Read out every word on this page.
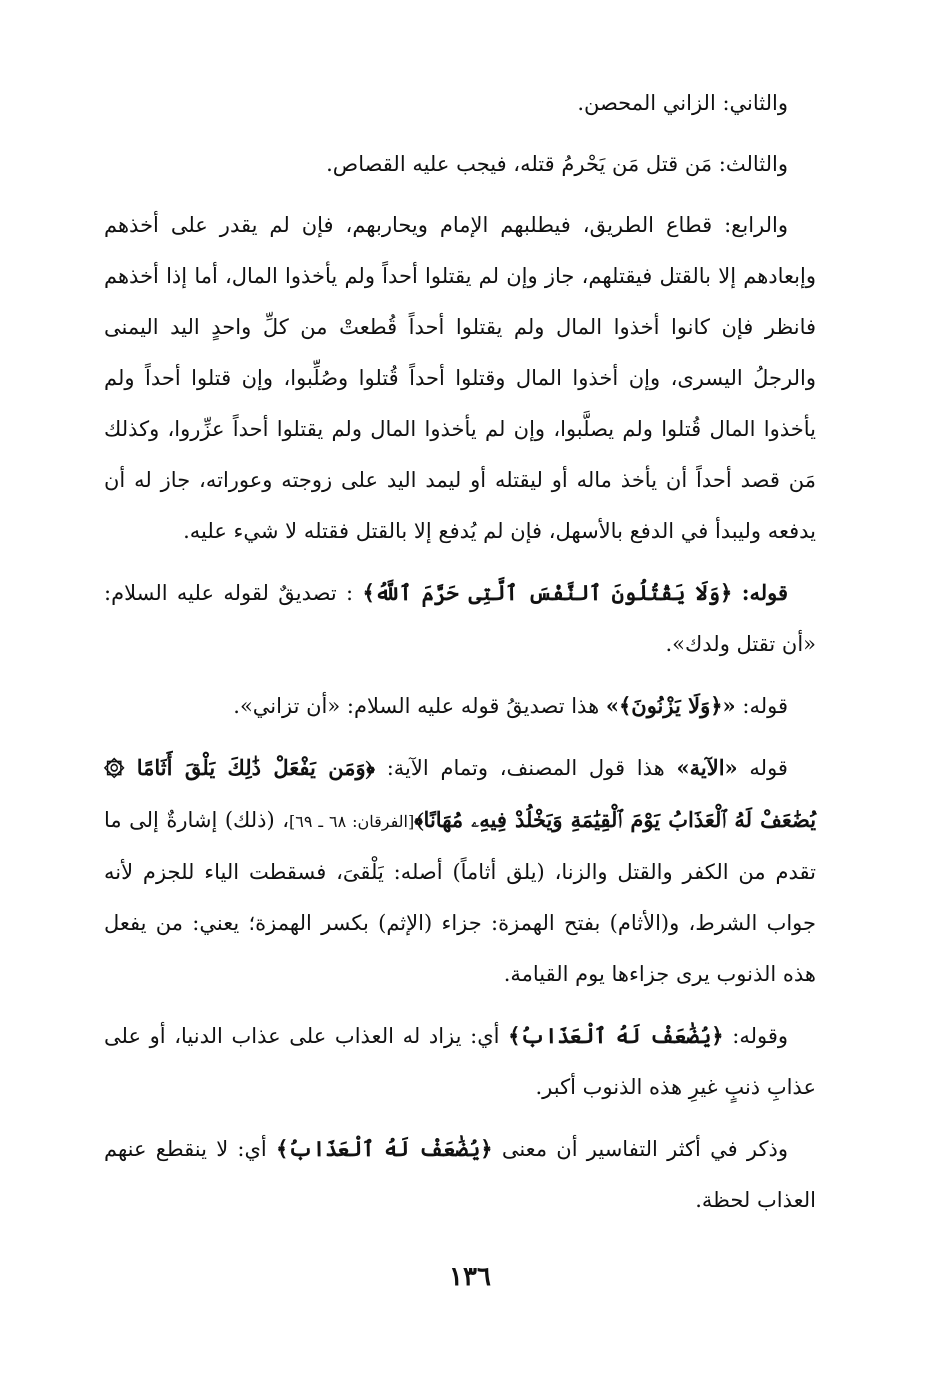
والثاني: الزاني المحصن.

والثالث: مَن قتل مَن يَحْرمُ قتله، فيجب عليه القصاص.

والرابع: قطاع الطريق، فيطلبهم الإمام ويحاربهم، فإن لم يقدر على أخذهم وإبعادهم إلا بالقتل فيقتلهم، جاز وإن لم يقتلوا أحداً ولم يأخذوا المال، أما إذا أخذهم فانظر فإن كانوا أخذوا المال ولم يقتلوا أحداً قُطعتْ من كلِّ واحدٍ اليد اليمنى والرجلُ اليسرى، وإن أخذوا المال وقتلوا أحداً قُتلوا وصُلِّبوا، وإن قتلوا أحداً ولم يأخذوا المال قُتلوا ولم يصلَّبوا، وإن لم يأخذوا المال ولم يقتلوا أحداً عزِّروا، وكذلك مَن قصد أحداً أن يأخذ ماله أو ليقتله أو ليمد اليد على زوجته وعوراته، جاز له أن يدفعه وليبدأ في الدفع بالأسهل، فإن لم يُدفع إلا بالقتل فقتله لا شيء عليه.

قوله: ﴿وَلَا يَقْتُلُونَ ٱلنَّفْسَ ٱلَّتِى حَرَّمَ ٱللَّهُ﴾ : تصديقٌ لقوله عليه السلام: «أن تقتل ولدك».

قوله: «﴿وَلَا يَزْنُونَ﴾» هذا تصديقُ قوله عليه السلام: «أن تزاني».

قوله «الآية» هذا قول المصنف، وتمام الآية: ﴿وَمَن يَفْعَلْ ذَٰلِكَ يَلْقَ أَثَامًا ۞ يُضَٰعَفْ لَهُ ٱلْعَذَابُ يَوْمَ ٱلْقِيَٰمَةِ وَيَخْلُدْ فِيهِۦ مُهَانًا﴾[الفرقان: ٦٨ ـ ٦٩]، (ذلك) إشارةٌ إلى ما تقدم من الكفر والقتل والزنا، (يلق أثاماً) أصله: يَلْقىَ، فسقطت الياء للجزم لأنه جواب الشرط، و(الأثام) بفتح الهمزة: جزاء (الإثم) بكسر الهمزة؛ يعني: من يفعل هذه الذنوب يرى جزاءها يوم القيامة.

وقوله: ﴿يُضَٰعَفْ لَهُ ٱلْعَذَابُ﴾ أي: يزاد له العذاب على عذاب الدنيا، أو على عذابِ ذنبٍ غيرِ هذه الذنوب أكبر.

وذكر في أكثر التفاسير أن معنى ﴿يُضَٰعَفْ لَهُ ٱلْعَذَابُ﴾ أي: لا ينقطع عنهم العذاب لحظة.

١٣٦
